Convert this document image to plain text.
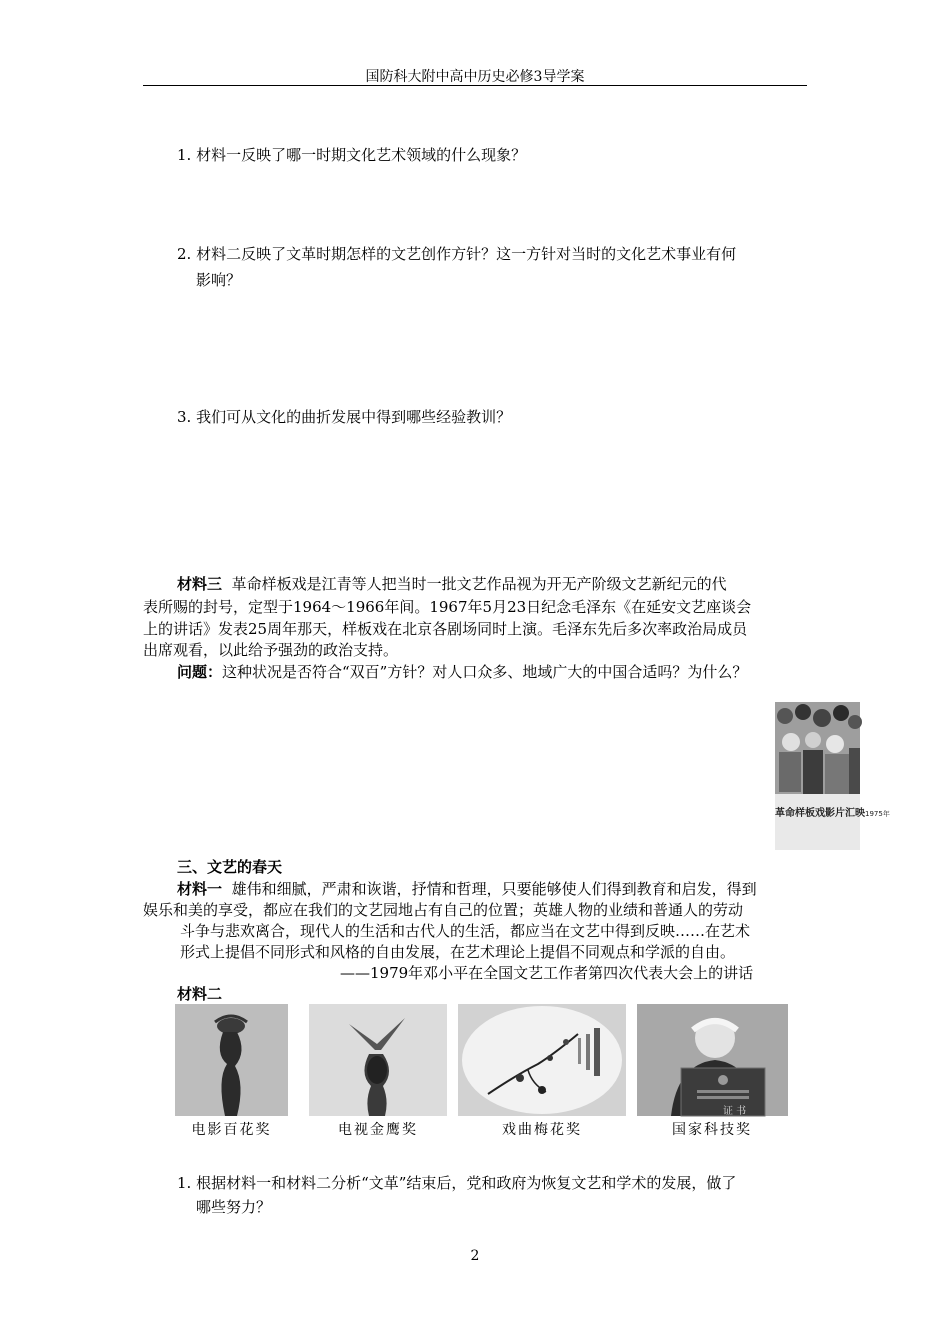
国防科大附中高中历史必修3导学案
1. 材料一反映了哪一时期文化艺术领域的什么现象？
2. 材料二反映了文革时期怎样的文艺创作方针？这一方针对当时的文化艺术事业有何
影响？
3. 我们可从文化的曲折发展中得到哪些经验教训？
材料三 革命样板戏是江青等人把当时一批文艺作品视为开无产阶级文艺新纪元的代
表所赐的封号，定型于1964～1966年间。1967年5月23日纪念毛泽东《在延安文艺座谈会
上的讲话》发表25周年那天，样板戏在北京各剧场同时上演。毛泽东先后多次率政治局成员
出席观看，以此给予强劲的政治支持。
问题：这种状况是否符合“双百”方针？对人口众多、地域广大的中国合适吗？为什么？
革命样板戏影片汇映1975年
三、文艺的春天
材料一 雄伟和细腻，严肃和诙谐，抒情和哲理，只要能够使人们得到教育和启发，得到
娱乐和美的享受，都应在我们的文艺园地占有自己的位置；英雄人物的业绩和普通人的劳动
斗争与悲欢离合，现代人的生活和古代人的生活，都应当在文艺中得到反映……在艺术
形式上提倡不同形式和风格的自由发展，在艺术理论上提倡不同观点和学派的自由。
——1979年邓小平在全国文艺工作者第四次代表大会上的讲话
材料二
证 书
电影百花奖	电视金鹰奖	戏曲梅花奖	国家科技奖
1. 根据材料一和材料二分析“文革”结束后，党和政府为恢复文艺和学术的发展，做了
哪些努力？
2
